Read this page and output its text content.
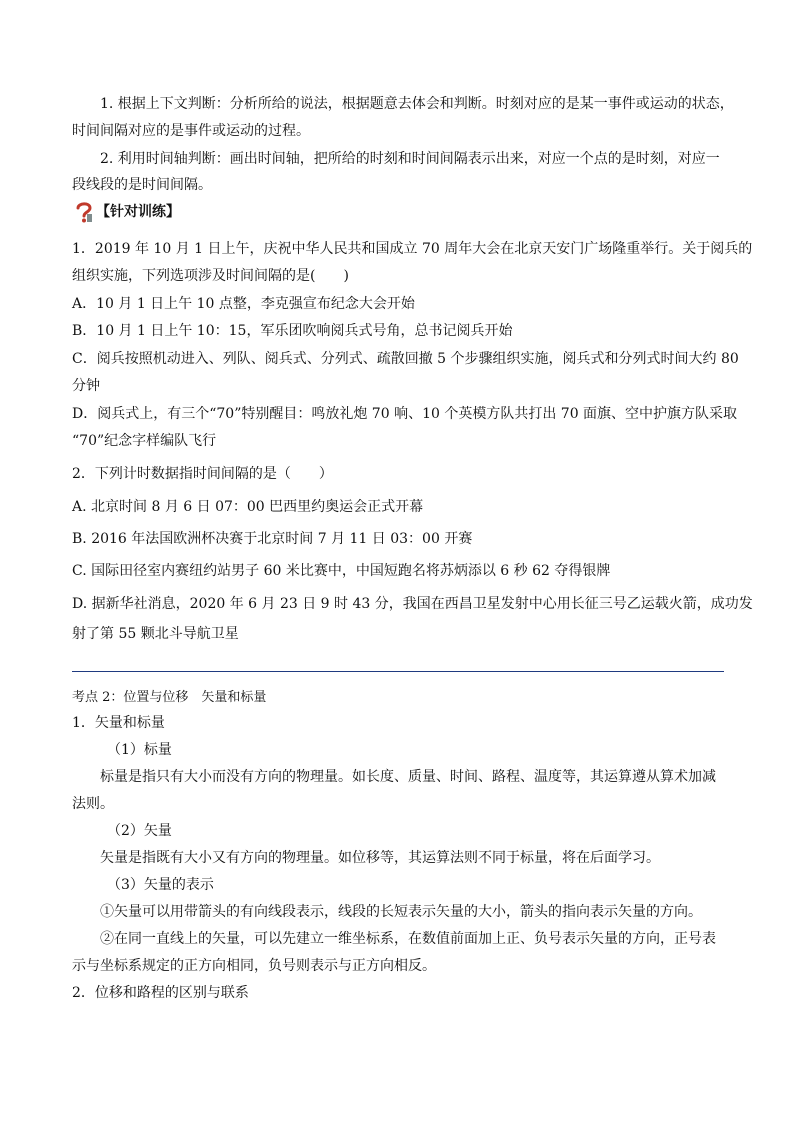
1. 根据上下文判断：分析所给的说法，根据题意去体会和判断。时刻对应的是某一事件或运动的状态，
时间间隔对应的是事件或运动的过程。
2. 利用时间轴判断：画出时间轴，把所给的时刻和时间间隔表示出来，对应一个点的是时刻，对应一
段线段的是时间间隔。
【针对训练】
1．2019 年 10 月 1 日上午，庆祝中华人民共和国成立 70 周年大会在北京天安门广场隆重举行。关于阅兵的
组织实施，下列选项涉及时间间隔的是(　　)
A．10 月 1 日上午 10 点整，李克强宣布纪念大会开始
B．10 月 1 日上午 10：15，军乐团吹响阅兵式号角，总书记阅兵开始
C．阅兵按照机动进入、列队、阅兵式、分列式、疏散回撤 5 个步骤组织实施，阅兵式和分列式时间大约 80
分钟
D．阅兵式上，有三个“70”特别醒目：鸣放礼炮 70 响、10 个英模方队共打出 70 面旗、空中护旗方队采取
“70”纪念字样编队飞行
2．下列计时数据指时间间隔的是（　　）
A. 北京时间 8 月 6 日 07：00 巴西里约奥运会正式开幕
B. 2016 年法国欧洲杯决赛于北京时间 7 月 11 日 03：00 开赛
C. 国际田径室内赛纽约站男子 60 米比赛中，中国短跑名将苏炳添以 6 秒 62 夺得银牌
D. 据新华社消息，2020 年 6 月 23 日 9 时 43 分，我国在西昌卫星发射中心用长征三号乙运载火箭，成功发
射了第 55 颗北斗导航卫星
考点 2：位置与位移　矢量和标量
1．矢量和标量
（1）标量
标量是指只有大小而没有方向的物理量。如长度、质量、时间、路程、温度等，其运算遵从算术加减
法则。
（2）矢量
矢量是指既有大小又有方向的物理量。如位移等，其运算法则不同于标量，将在后面学习。
（3）矢量的表示
①矢量可以用带箭头的有向线段表示，线段的长短表示矢量的大小，箭头的指向表示矢量的方向。
②在同一直线上的矢量，可以先建立一维坐标系，在数值前面加上正、负号表示矢量的方向，正号表
示与坐标系规定的正方向相同，负号则表示与正方向相反。
2．位移和路程的区别与联系
